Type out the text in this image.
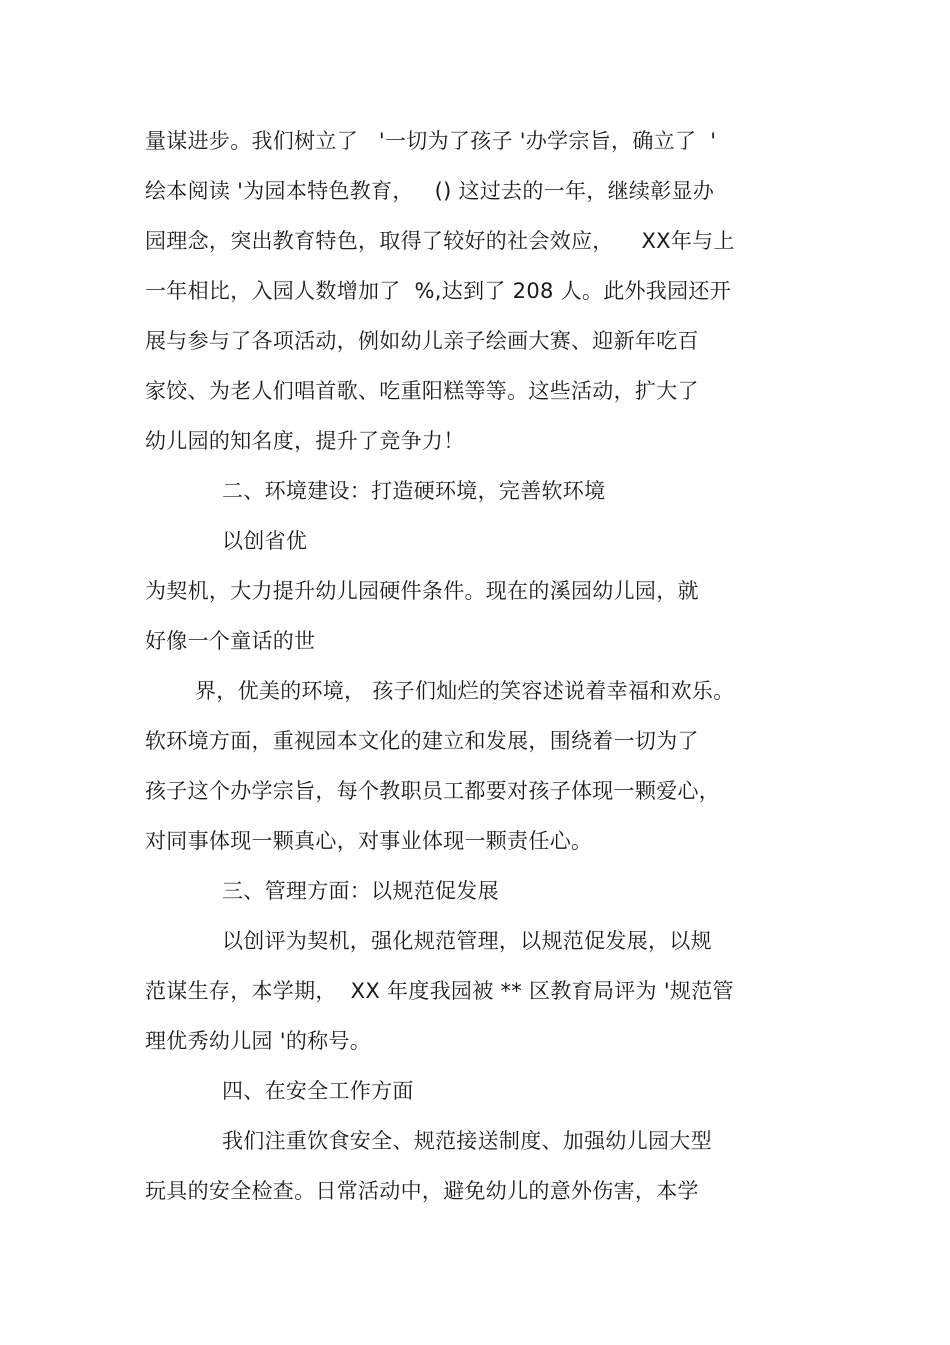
量谋进步。我们树立了   '一切为了孩子 '办学宗旨，确立了  '
绘本阅读 '为园本特色教育，   () 这过去的一年，继续彰显办
园理念，突出教育特色，取得了较好的社会效应，    XX年与上
一年相比，入园人数增加了  %,达到了 208 人。此外我园还开
展与参与了各项活动，例如幼儿亲子绘画大赛、迎新年吃百
家饺、为老人们唱首歌、吃重阳糕等等。这些活动，扩大了
幼儿园的知名度，提升了竞争力！
二、环境建设：打造硬环境，完善软环境
以创省优
为契机，大力提升幼儿园硬件条件。现在的溪园幼儿园，就
好像一个童话的世
界，优美的环境， 孩子们灿烂的笑容述说着幸福和欢乐。
软环境方面，重视园本文化的建立和发展，围绕着一切为了
孩子这个办学宗旨，每个教职员工都要对孩子体现一颗爱心，
对同事体现一颗真心，对事业体现一颗责任心。
三、管理方面：以规范促发展
以创评为契机，强化规范管理，以规范促发展，以规
范谋生存，本学期，  XX 年度我园被 ** 区教育局评为 '规范管
理优秀幼儿园 '的称号。
四、在安全工作方面
我们注重饮食安全、规范接送制度、加强幼儿园大型
玩具的安全检查。日常活动中，避免幼儿的意外伤害，本学
